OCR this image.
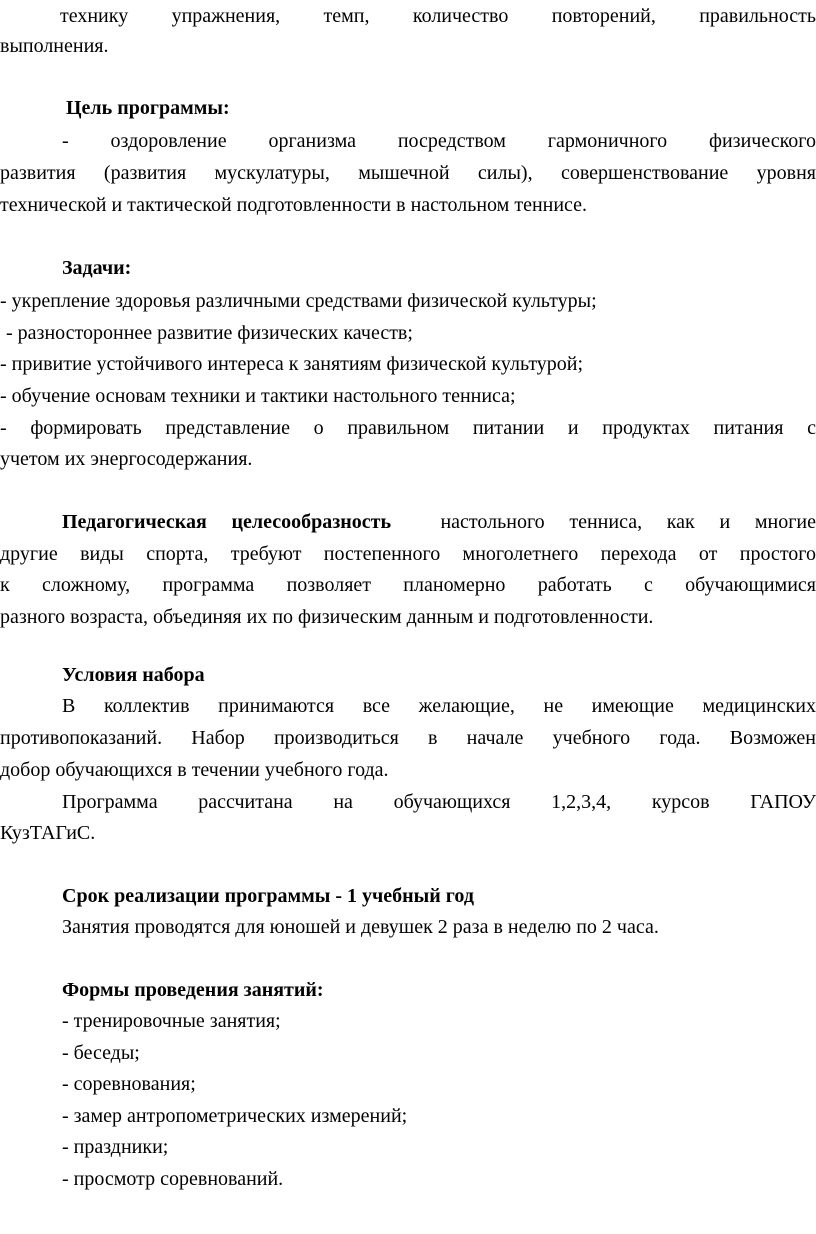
технику упражнения, темп, количество повторений, правильность

выполнения.

Цель программы:

- оздоровление организма посредством гармоничного физического

развития (развития мускулатуры, мышечной силы), совершенствование уровня

технической и тактической подготовленности в настольном теннисе.

Задачи:

- укрепление здоровья различными средствами физической культуры;

- разностороннее развитие физических качеств;

- привитие устойчивого интереса к занятиям физической культурой;

- обучение основам техники и тактики настольного тенниса;

- формировать представление о правильном питании и продуктах питания с

учетом их энергосодержания.

Педагогическая целесообразность настольного тенниса, как и многие

другие виды спорта, требуют постепенного многолетнего перехода от простого

к сложному, программа позволяет планомерно работать с обучающимися

разного возраста, объединяя их по физическим данным и подготовленности.

Условия набора

В коллектив принимаются все желающие, не имеющие медицинских

противопоказаний. Набор производиться в начале учебного года. Возможен

добор обучающихся в течении учебного года.

Программа рассчитана на обучающихся 1,2,3,4, курсов ГАПОУ

КузТАГиС.

Срок реализации программы - 1 учебный год

Занятия проводятся для юношей и девушек 2 раза в неделю по 2 часа.

Формы проведения занятий:

- тренировочные занятия;

- беседы;

- соревнования;

- замер антропометрических измерений;

- праздники;

- просмотр соревнований.
